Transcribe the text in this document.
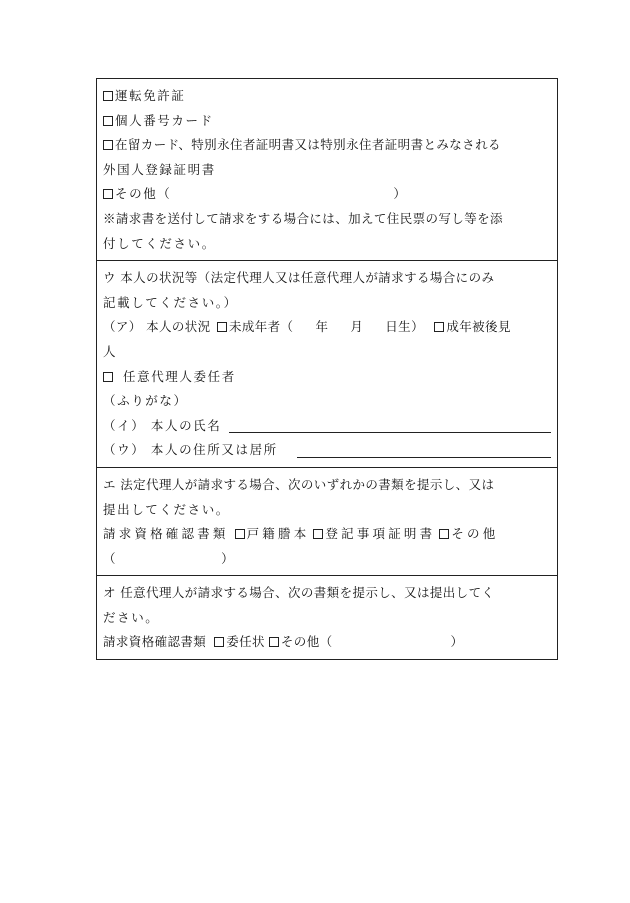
運転免許証
個人番号カード
在留カード、特別永住者証明書又は特別永住者証明書とみなされる
外国人登録証明書
その他（	）
※請求書を送付して請求をする場合には、加えて住民票の写し等を添
付してください。
ウ 本人の状況等（法定代理人又は任意代理人が請求する場合にのみ
記載してください。）
（ア） 本人の状況 未成年者（ 年 月 日生） 成年被後見
人
任意代理人委任者
（ふりがな）
（イ） 本人の氏名
（ウ） 本人の住所又は居所
エ 法定代理人が請求する場合、次のいずれかの書類を提示し、又は
提出してください。
請求資格確認書類 戸籍謄本 登記事項証明書 その他
（	）
オ 任意代理人が請求する場合、次の書類を提示し、又は提出してく
ださい。
請求資格確認書類 委任状 その他（	）
